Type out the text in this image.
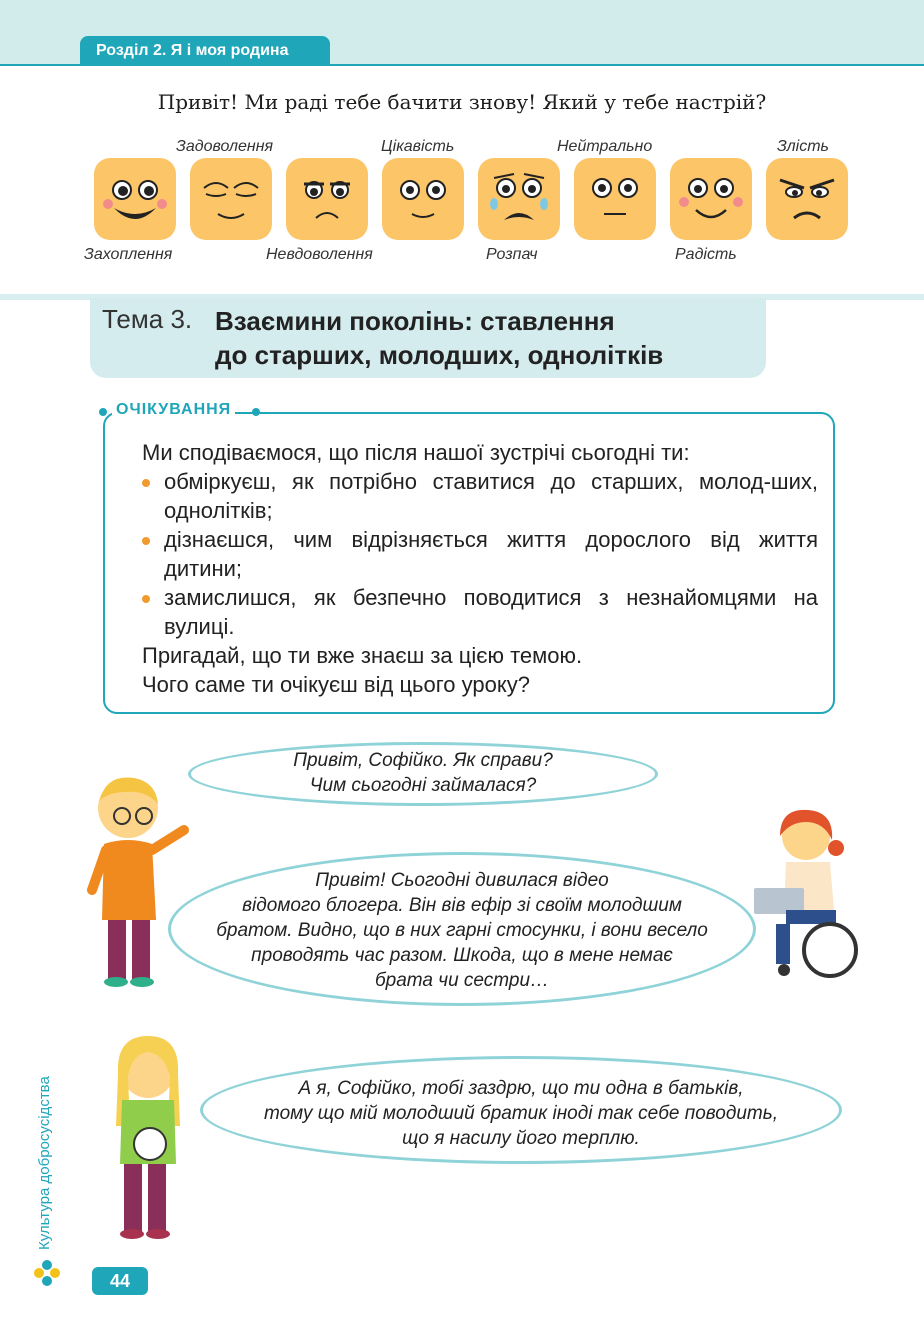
Розділ 2. Я і моя родина
Привіт! Ми раді тебе бачити знову! Який у тебе настрій?
Задоволення	Цікавість	Нейтрально	Злість
Захоплення	Невдоволення	Розпач	Радість
Тема 3. Взаємини поколінь: ставлення
до старших, молодших, однолітків
ОЧІКУВАННЯ
Ми сподіваємося, що після нашої зустрічі сьогодні ти:
обміркуєш, як потрібно ставитися до старших, молод-ших, однолітків;
дізнаєшся, чим відрізняється життя дорослого від життя дитини;
замислишся, як безпечно поводитися з незнайомцями на вулиці.
Пригадай, що ти вже знаєш за цією темою.
Чого саме ти очікуєш від цього уроку?
Привіт, Софійко. Як справи?
Чим сьогодні займалася?
Привіт! Сьогодні дивилася відео
відомого блогера. Він вів ефір зі своїм молодшим
братом. Видно, що в них гарні стосунки, і вони весело
проводять час разом. Шкода, що в мене немає
брата чи сестри…
А я, Софійко, тобі заздрю, що ти одна в батьків,
тому що мій молодший братик іноді так себе поводить,
що я насилу його терплю.
Культура добросусідства
44
